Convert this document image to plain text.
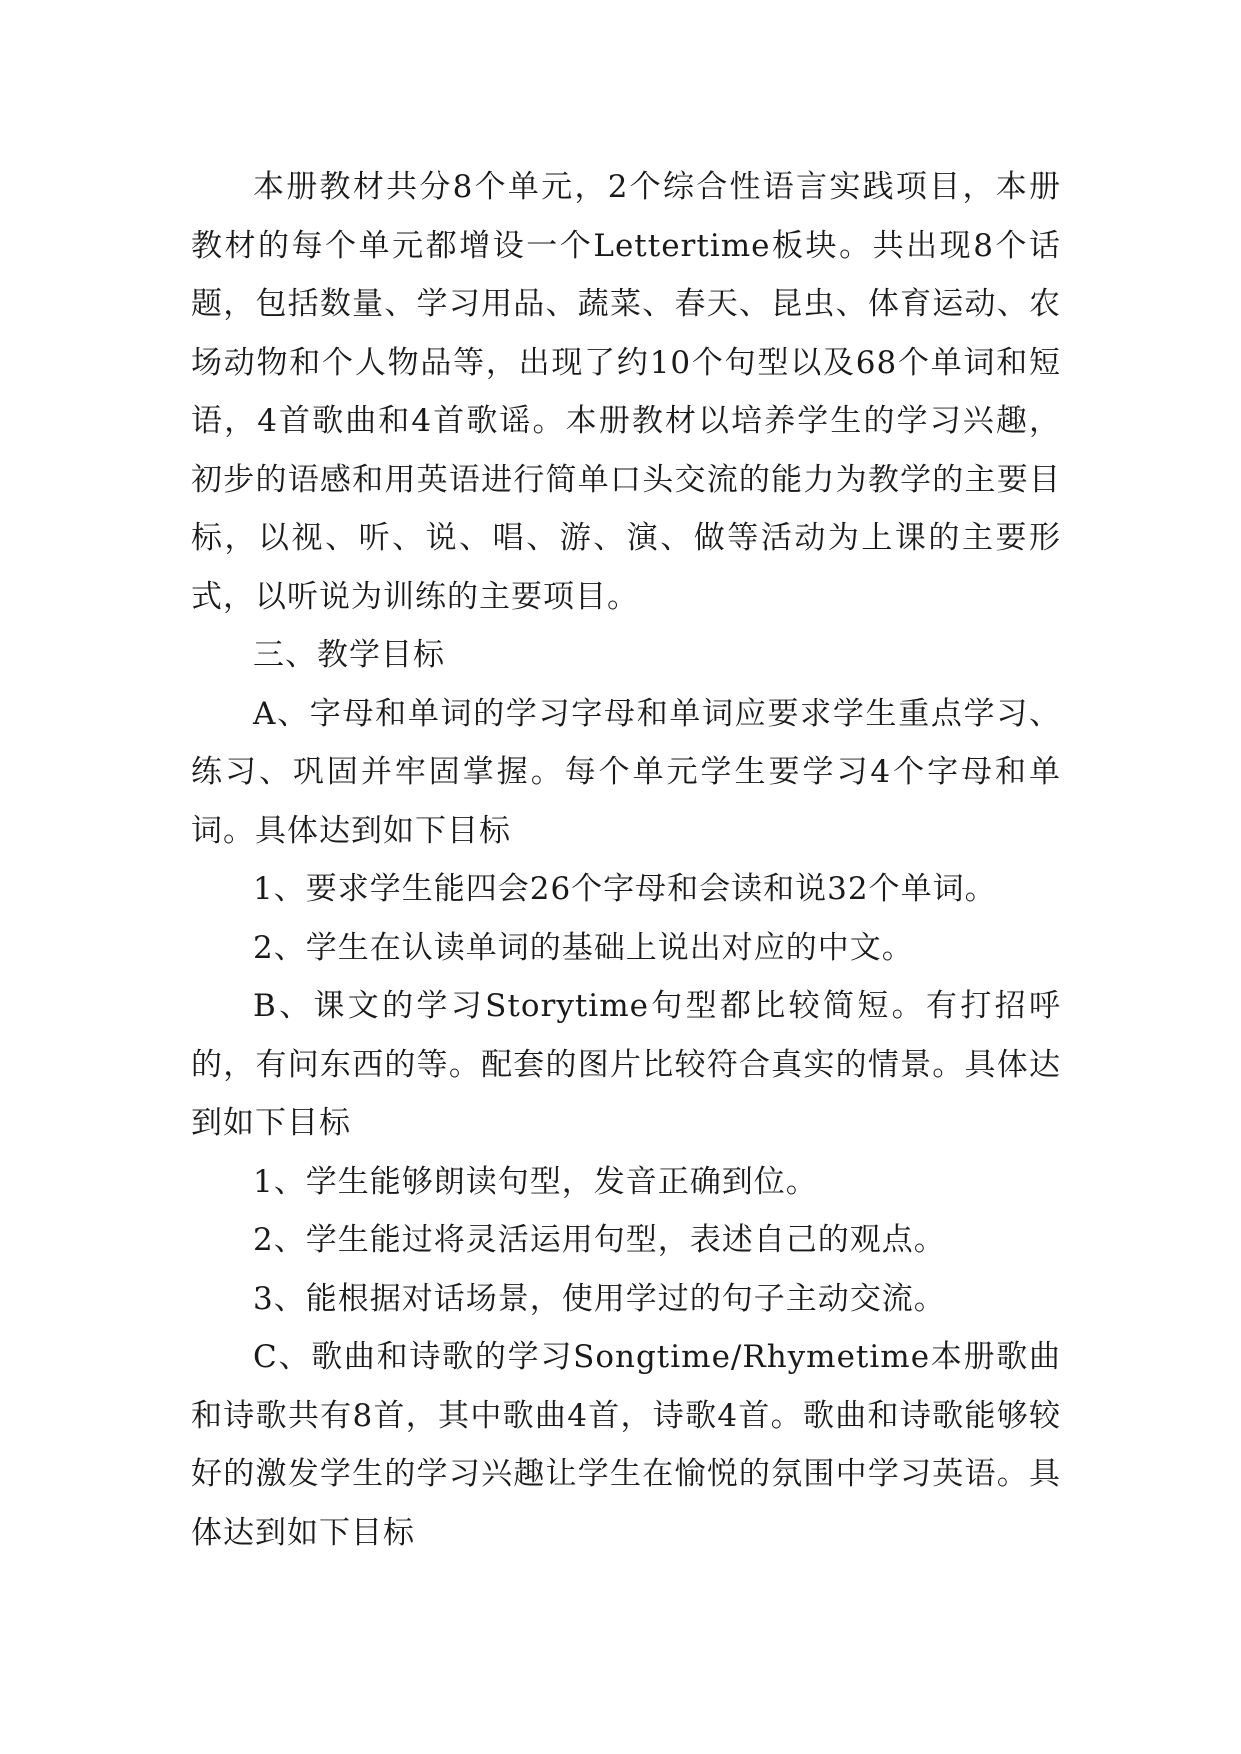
本册教材共分8个单元，2个综合性语言实践项目，本册教材的每个单元都增设一个Lettertime板块。共出现8个话题，包括数量、学习用品、蔬菜、春天、昆虫、体育运动、农场动物和个人物品等，出现了约10个句型以及68个单词和短语，4首歌曲和4首歌谣。本册教材以培养学生的学习兴趣，初步的语感和用英语进行简单口头交流的能力为教学的主要目标，以视、听、说、唱、游、演、做等活动为上课的主要形式，以听说为训练的主要项目。

三、教学目标

A、字母和单词的学习字母和单词应要求学生重点学习、练习、巩固并牢固掌握。每个单元学生要学习4个字母和单词。具体达到如下目标

1、要求学生能四会26个字母和会读和说32个单词。

2、学生在认读单词的基础上说出对应的中文。

B、课文的学习Storytime句型都比较简短。有打招呼的，有问东西的等。配套的图片比较符合真实的情景。具体达到如下目标

1、学生能够朗读句型，发音正确到位。

2、学生能过将灵活运用句型，表述自己的观点。

3、能根据对话场景，使用学过的句子主动交流。

C、歌曲和诗歌的学习Songtime/Rhymetime本册歌曲和诗歌共有8首，其中歌曲4首，诗歌4首。歌曲和诗歌能够较好的激发学生的学习兴趣让学生在愉悦的氛围中学习英语。具体达到如下目标
